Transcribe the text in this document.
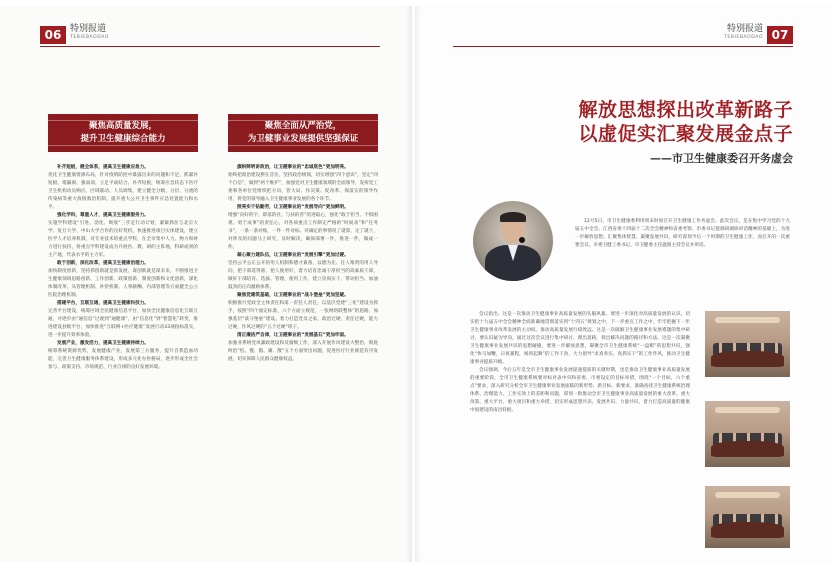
06 特别报道
TEBIEBAODAO
聚焦高质量发展，
提升卫生健康综合能力
聚焦全面从严治党，
为卫健事业发展提供坚强保证

补齐短板，健全体系，提高卫生健康应急力。
优化卫生健康资源布局，针对疫情防控中暴露出来的问题和不足，抓紧补短板、堵漏洞、强弱项。立足平战结合、补齐短板，统筹应急状态下医疗卫生机构动员响应、区域联动、人员调集，建立健全分级、分层、分流的传染病等重大疫情救治机制。提升重大公共卫生事件应急处置能力和水平。

强化学科，尊重人才，提高卫生健康服务力。
实施学科建设“引进、消化、吸收”三步走行动计划，紧紧抓住与北京大学、复旦大学、中山大学合作的良好契机，快速推进项目实体建设，建立医学人才培养机制，对专业技术的重点学科，在全市集中人力、物力和财力进行扶持，将重点学科建设成为升展医、教、研的主阵地，科研成果的主产地，代表水平的主力军。

敢于创新，深化改革，提高卫生健康治理力。
加快制度创新，坚持抓创新就是抓发展、谋创新就是谋未来，不断推进卫生健康领域思路创新、工作创新、政策创新、制度创新和文化创新，深化体制改革，从管理机制、补偿机制、人事薪酬、内部管理等方面健全公立医院治理机制。

搭建平台，互联互通，提高卫生健康科技力。
完善平台建设，统筹区域全民健康信息平台，加快全民健康信息化互联互通，并逐步由“通信息”过渡到“通健康”，由“信息化”到“智慧化”转变，推进建设县级平台，加快推进“互联网+医疗健康”发展行动33项指标落实，进一步提升效率体验。

发展产业，激发活力，提高卫生健康持续力。
统筹系统资源优势，发展健康产业，发展第三方服务，提升自我造血功能，完善卫生健康服务体系建设，形成多元化办医格局，逐步形成全社会参与、政策支持、市场规范、行业自律的良好发展环境。

旗帜鲜明讲政治，让卫健事业的“忠诚底色”更加明亮。
始终把政治建设摆在首位，坚持政治统领，切实增强“四个意识”，坚定“四个自信”，做到“两个维护”，加强党对卫生健康领域的全面领导，发挥党工委和各单位党组织把方向、管大局、作决策、促改革、保落实的领导作用，将党的领导融入卫生健康事业发展的各个环节。

照亮实干钻勤劳，让卫健事业的“发展导向”更加鲜明。
增强“向好的字，即落的社，与扶的善”的进取心，强化“敢于担当、不惧困难、勇于成事”的责任心，对各项重点工作制定严格的“时间表”和“任务书”，一条一条对账，一件一件对标。对确定的事情说了就算，定了就干，对涉及的问题马上研究，及时解决，确保部署一件，推进一件，做成一件。

凝心聚力建队伍，让卫健事业的“发展引擎”更加过硬。
坚持公平公正公开的用人机制和德才兼备，以德为先、任人唯贤的用人导向，把干部选得准、把人使用好，着力培育忠诚干净担当的高素质干部，做好干部培育、选拔、管理、使用工作，建立崇尚实干、带动担当、加油鼓劲的正向激励体系。

聚焦党建筑基础，让卫健事业的“战斗堡垒”更加坚疑。
积极推行党政全主体责任和第一责任人责任，以基层党建“三化”建设为抓手，按照“四个面定标准，六个方面立规范，一张网络联整体”的思路，加强基层“战斗堡垒”建设。着力打造党员之家，政治过硬、责任过硬，能力过硬，作风过硬的“五个过硬”班子。

清正廉洁严自律，让卫健事业的“发展基石”更加牢固。
加强业系统党风廉政建设和反腐败工作，深入开展作风建设大整治，彻底纠治“怕、慢、假、庸、散”五个方面突出问题，促进医疗行业规范有序发展，切实保障人民群众健康权益。

特别报道
TEBIEBAODAO 07
解放思想探出改革新路子
以虚促实汇聚发展金点子
——市卫生健康委召开务虚会

12月5日，市卫生健康委利用周末时间召开卫生健康工作务虚会。此次会议，是在集中学习党的十九届五中全会、江西省委十四届十二次全会精神和省委考察、市委书记提调研调研讲话精神的基础上，为进一步解放思想、汇聚集体智慧、凝聚发展共识，研究谋划今后一个时期的卫生健康工作，而召开的一次重要会议。市委卫健工委书记、市卫健委主任温银主持会议并讲话。

会议指出，这是一次推动卫生健康事业高质量发展的头脑风暴。要进一步深化对高质量发展的认识，切实把十九届五中全会精神全面准确地贯彻落实到“十四五”规划之中，下一步重点工作之中，牢牢把握下一步卫生健康事业改革发展的主动权。推动高质量发展行稳致远。这是一次破解卫生健康事业发展难题的集中研讨，要认识疑为导向，通过这次会议进行集中研讨，理出思路，找出解决问题的路径和方法。这是一次凝聚卫生健康事业发展共识的思想碰撞，要进一步解放思想，凝聚全市卫生健康系统“一盘棋”的思想共识，强化“快马加鞭，日夜兼程，闻鸡起舞”的工作干劲，大力倡导“求真务实、真抓实干”的工作作风，推动卫生健康事业提质升级。

会议强调，今后五年是全市卫生健康事业发展提速提质的关键时期，也是推动卫生健康事业高质量发展的重要阶段，全市卫生健康系统要对标对表中央和省委、市委设定的目标举措，围绕“一个目标，六个重点”要求，深入研究分析全市卫生健康事业发展面临的新形势、新目标、新要求，准确查找卫生健康系统治理体系、治理能力、工作实效上的差距和问题，谋划一批推动全市卫生健康事业高质量发展的重大改革、重大改策、重大平台、重大项目和重大举措，切实形成思想共识、发展共识、力量共识，着力打造高质量的健康中国建设的南昌样板。
